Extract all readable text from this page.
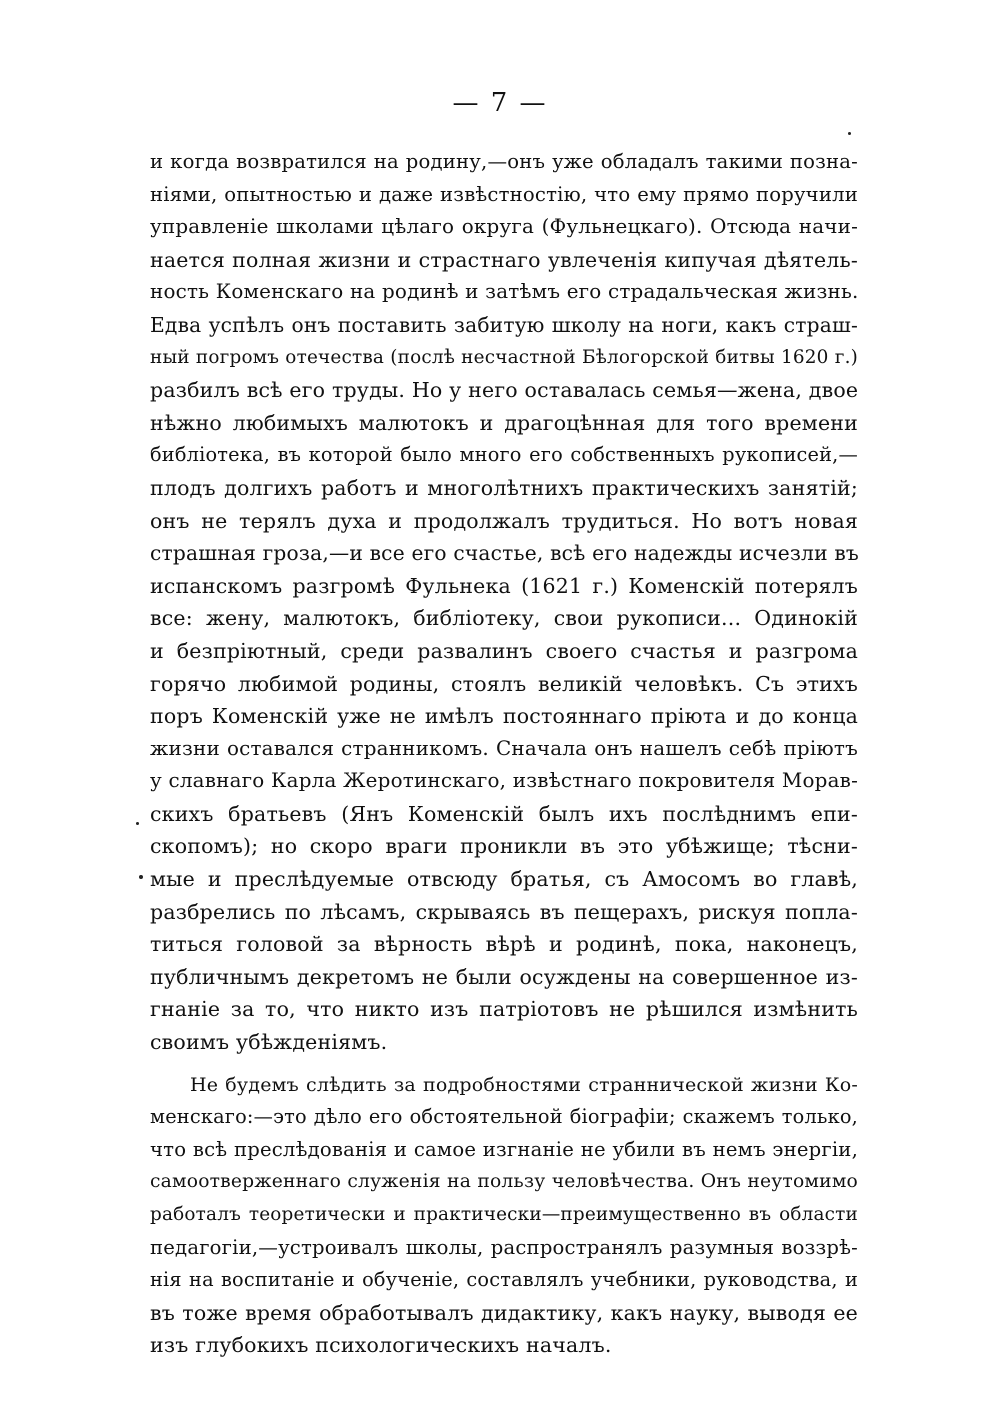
— 7 —
и когда возвратился на родину,—онъ уже обладалъ такими позна-
ніями, опытностью и даже извѣстностію, что ему прямо поручили
управленіе школами цѣлаго округа (Фульнецкаго). Отсюда начи-
нается полная жизни и страстнаго увлеченія кипучая дѣятель-
ность Коменскаго на родинѣ и затѣмъ его страдальческая жизнь.
Едва успѣлъ онъ поставить забитую школу на ноги, какъ страш-
ный погромъ отечества (послѣ несчастной Бѣлогорской битвы 1620 г.)
разбилъ всѣ его труды. Но у него оставалась семья—жена, двое
нѣжно любимыхъ малютокъ и драгоцѣнная для того времени
библіотека, въ которой было много его собственныхъ рукописей,—
плодъ долгихъ работъ и многолѣтнихъ практическихъ занятій;
онъ не терялъ духа и продолжалъ трудиться. Но вотъ новая
страшная гроза,—и все его счастье, всѣ его надежды исчезли въ
испанскомъ разгромѣ Фульнека (1621 г.) Коменскій потерялъ
все: жену, малютокъ, библіотеку, свои рукописи... Одинокій
и безпріютный, среди развалинъ своего счастья и разгрома
горячо любимой родины, стоялъ великій человѣкъ. Съ этихъ
поръ Коменскій уже не имѣлъ постояннаго пріюта и до конца
жизни оставался странникомъ. Сначала онъ нашелъ себѣ пріютъ
у славнаго Карла Жеротинскаго, извѣстнаго покровителя Морав-
скихъ братьевъ (Янъ Коменскій былъ ихъ послѣднимъ епи-
скопомъ); но скоро враги проникли въ это убѣжище; тѣсни-
мые и преслѣдуемые отвсюду братья, съ Амосомъ во главѣ,
разбрелись по лѣсамъ, скрываясь въ пещерахъ, рискуя попла-
титься головой за вѣрность вѣрѣ и родинѣ, пока, наконецъ,
публичнымъ декретомъ не были осуждены на совершенное из-
гнаніе за то, что никто изъ патріотовъ не рѣшился измѣнить
своимъ убѣжденіямъ.
Не будемъ слѣдить за подробностями страннической жизни Ко-
менскаго:—это дѣло его обстоятельной біографіи; скажемъ только,
что всѣ преслѣдованія и самое изгнаніе не убили въ немъ энергіи,
самоотверженнаго служенія на пользу человѣчества. Онъ неутомимо
работалъ теоретически и практически—преимущественно въ области
педагогіи,—устроивалъ школы, распространялъ разумныя воззрѣ-
нія на воспитаніе и обученіе, составлялъ учебники, руководства, и
въ тоже время обработывалъ дидактику, какъ науку, выводя ее
изъ глубокихъ психологическихъ началъ.
